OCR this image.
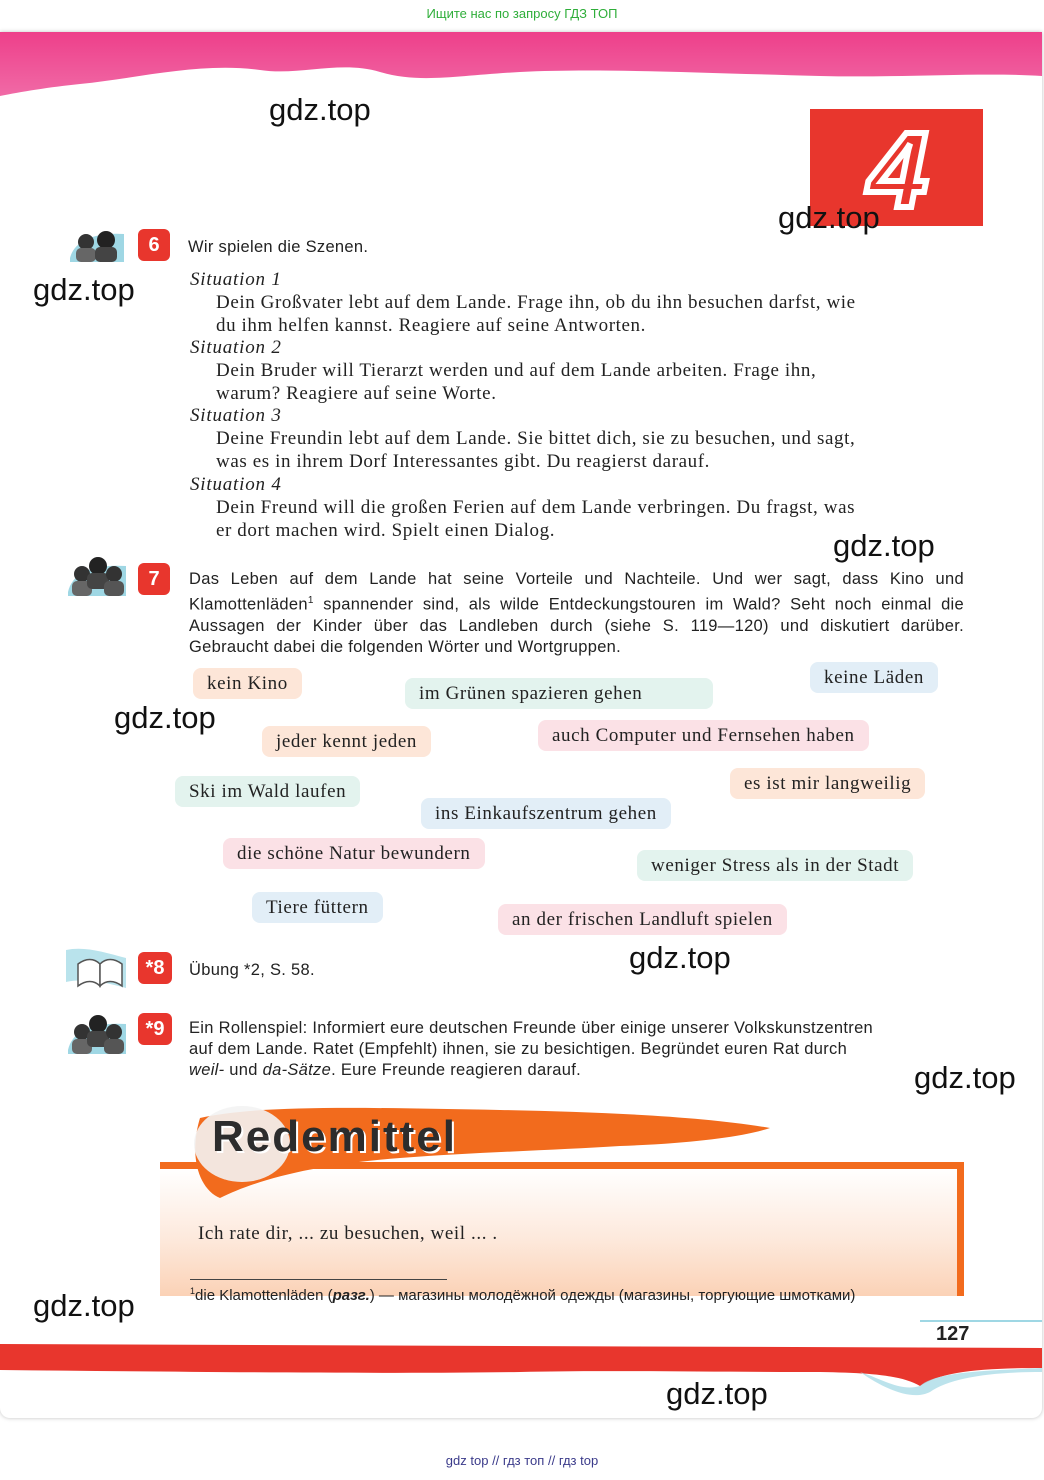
Ищите нас по запросу ГДЗ ТОП
4
6	Wir spielen die Szenen.
Situation 1
Dein Großvater lebt auf dem Lande. Frage ihn, ob du ihn besuchen darfst, wie
du ihm helfen kannst. Reagiere auf seine Antworten.
Situation 2
Dein Bruder will Tierarzt werden und auf dem Lande arbeiten. Frage ihn,
warum? Reagiere auf seine Worte.
Situation 3
Deine Freundin lebt auf dem Lande. Sie bittet dich, sie zu besuchen, und sagt,
was es in ihrem Dorf Interessantes gibt. Du reagierst darauf.
Situation 4
Dein Freund will die großen Ferien auf dem Lande verbringen. Du fragst, was
er dort machen wird. Spielt einen Dialog.
7	Das Leben auf dem Lande hat seine Vorteile und Nachteile. Und wer sagt, dass Kino und Klamottenläden$^1$ spannender sind, als wilde Entdeckungstouren im Wald? Seht noch einmal die Aussagen der Kinder über das Landleben durch (siehe S. 119—120) und diskutiert darüber. Gebraucht dabei die folgenden Wörter und Wortgruppen.
kein Kino	im Grünen spazieren gehen
keine Läden
jeder kennt jeden	auch Computer und Fernsehen haben
Ski im Wald laufen	es ist mir langweilig
ins Einkaufszentrum gehen
die schöne Natur bewundern
weniger Stress als in der Stadt
Tiere füttern
an der frischen Landluft spielen
*8	Übung *2, S. 58.
*9	Ein Rollenspiel: Informiert eure deutschen Freunde über einige unserer Volkskunstzentren
auf dem Lande. Ratet (Empfehlt) ihnen, sie zu besichtigen. Begründet euren Rat durch
weil- und da-Sätze. Eure Freunde reagieren darauf.
Redemittel
Ich rate dir, ... zu besuchen, weil ... .
$^1$die Klamottenläden (разг.) — магазины молодёжной одежды (магазины, торгующие шмотками)
127
gdz.top
gdz.top
gdz.top
gdz.top
gdz.top
gdz.top
gdz.top
gdz.top
gdz.top
gdz top // гдз топ // гдз top
